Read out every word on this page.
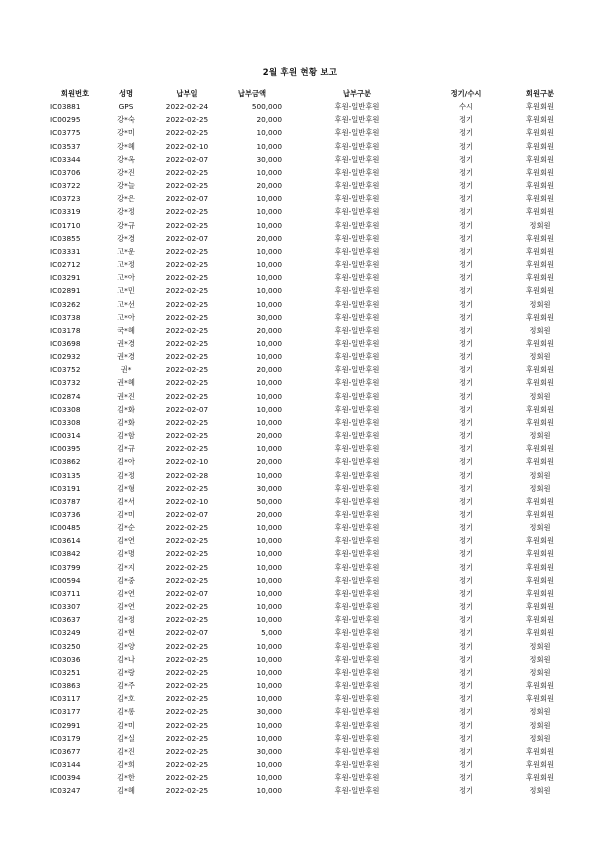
2월 후원 현황 보고
회원번호	성명	납부일	납부금액	납부구분	정기/수시	회원구분
IC03881	GPS	2022-02-24	500,000	후원-일반후원	수시	후원회원
IC00295	강*숙	2022-02-25	20,000	후원-일반후원	정기	후원회원
IC03775	강*미	2022-02-25	10,000	후원-일반후원	정기	후원회원
IC03537	강*혜	2022-02-10	10,000	후원-일반후원	정기	후원회원
IC03344	강*옥	2022-02-07	30,000	후원-일반후원	정기	후원회원
IC03706	강*진	2022-02-25	10,000	후원-일반후원	정기	후원회원
IC03722	강*늘	2022-02-25	20,000	후원-일반후원	정기	후원회원
IC03723	강*은	2022-02-07	10,000	후원-일반후원	정기	후원회원
IC03319	강*정	2022-02-25	10,000	후원-일반후원	정기	후원회원
IC01710	강*규	2022-02-25	10,000	후원-일반후원	정기	정회원
IC03855	강*경	2022-02-07	20,000	후원-일반후원	정기	후원회원
IC03331	고*운	2022-02-25	10,000	후원-일반후원	정기	후원회원
IC02712	고*정	2022-02-25	10,000	후원-일반후원	정기	후원회원
IC03291	고*아	2022-02-25	10,000	후원-일반후원	정기	후원회원
IC02891	고*민	2022-02-25	10,000	후원-일반후원	정기	후원회원
IC03262	고*선	2022-02-25	10,000	후원-일반후원	정기	정회원
IC03738	고*아	2022-02-25	30,000	후원-일반후원	정기	후원회원
IC03178	국*혜	2022-02-25	20,000	후원-일반후원	정기	정회원
IC03698	권*경	2022-02-25	10,000	후원-일반후원	정기	후원회원
IC02932	권*경	2022-02-25	10,000	후원-일반후원	정기	정회원
IC03752	권*	2022-02-25	20,000	후원-일반후원	정기	후원회원
IC03732	권*혜	2022-02-25	10,000	후원-일반후원	정기	후원회원
IC02874	권*진	2022-02-25	10,000	후원-일반후원	정기	정회원
IC03308	김*화	2022-02-07	10,000	후원-일반후원	정기	후원회원
IC03308	김*화	2022-02-25	10,000	후원-일반후원	정기	후원회원
IC00314	김*함	2022-02-25	20,000	후원-일반후원	정기	정회원
IC00395	김*규	2022-02-25	10,000	후원-일반후원	정기	후원회원
IC03862	김*아	2022-02-10	20,000	후원-일반후원	정기	후원회원
IC03135	김*정	2022-02-28	10,000	후원-일반후원	정기	정회원
IC03191	김*형	2022-02-25	30,000	후원-일반후원	정기	정회원
IC03787	김*서	2022-02-10	50,000	후원-일반후원	정기	후원회원
IC03736	김*미	2022-02-07	20,000	후원-일반후원	정기	후원회원
IC00485	김*순	2022-02-25	10,000	후원-일반후원	정기	정회원
IC03614	김*연	2022-02-25	10,000	후원-일반후원	정기	후원회원
IC03842	김*명	2022-02-25	10,000	후원-일반후원	정기	후원회원
IC03799	김*지	2022-02-25	10,000	후원-일반후원	정기	후원회원
IC00594	김*중	2022-02-25	10,000	후원-일반후원	정기	후원회원
IC03711	김*연	2022-02-07	10,000	후원-일반후원	정기	후원회원
IC03307	김*연	2022-02-25	10,000	후원-일반후원	정기	후원회원
IC03637	김*정	2022-02-25	10,000	후원-일반후원	정기	후원회원
IC03249	김*현	2022-02-07	5,000	후원-일반후원	정기	후원회원
IC03250	김*양	2022-02-25	10,000	후원-일반후원	정기	정회원
IC03036	김*나	2022-02-25	10,000	후원-일반후원	정기	정회원
IC03251	김*랑	2022-02-25	10,000	후원-일반후원	정기	정회원
IC03863	김*주	2022-02-25	10,000	후원-일반후원	정기	후원회원
IC03117	김*호	2022-02-25	10,000	후원-일반후원	정기	후원회원
IC03177	김*롱	2022-02-25	30,000	후원-일반후원	정기	정회원
IC02991	김*미	2022-02-25	10,000	후원-일반후원	정기	정회원
IC03179	김*실	2022-02-25	10,000	후원-일반후원	정기	정회원
IC03677	김*진	2022-02-25	30,000	후원-일반후원	정기	후원회원
IC03144	김*희	2022-02-25	10,000	후원-일반후원	정기	후원회원
IC00394	김*한	2022-02-25	10,000	후원-일반후원	정기	후원회원
IC03247	김*혜	2022-02-25	10,000	후원-일반후원	정기	정회원
